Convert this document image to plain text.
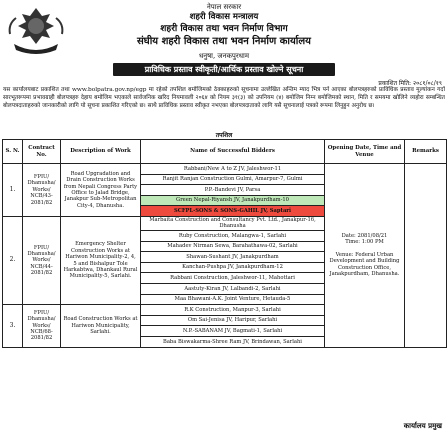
नेपाल सरकार
शहरी विकास मन्त्रालय
शहरी विकास तथा भवन निर्माण विभाग
संघीय शहरी विकास तथा भवन निर्माण कार्यालय
धनुषा, जनकपुरधाम
प्राविधिक प्रस्ताव स्वीकृती/आर्थिक प्रस्ताव खोल्ने सूचना
प्रकाशित मिति: २०८१/०८/१९
यस कार्यालयबाट प्रकाशित तथा www.bolpatra.gov.np/egp मा रहेको तपशिल बमोजिमको ठेक्काहरुको सूचनामा उल्लेखित अन्तिम म्याद भित्र पर्न आएका बोलपत्रहरुको प्राविधिक प्रस्ताव मूल्यांकन गर्दा सारभूतरूपमा प्रभावग्राही बोलपत्रहरु देहाय बमोजिम भएकाले सार्वजनिक खरिद नियमावली २०६४ को नियम ३१(३) को उपनियम (४) बमोजिम निम्न बमोजिमको स्थान, मिति र समयमा खोलिने व्यहोरा सम्बन्धित बोलपत्रदाताहरुको जानकारीको लागि यो सूचना प्रकाशित गरिएको छ। साथै प्राविधिक प्रस्ताव स्वीकृत नभएका बोलपत्रदाताको लागि यसै सूचनालाई पत्रको रूपमा लिनुहुन अनुरोध छ।
तपशिल
S. N.	Contract No.	Description of Work	Name of Successful Bidders	Opening Date, Time and Venue	Remarks
1.	FPIU/ Dhanusha/ Works/ NCB/43- 2081/82	Road Upgradation and Drain Construction Works from Nepali Congress Party Office to Jalad Bridge, Janakpur Sub-Metropolitan City-4, Dhanusha.	Rabbani/New A to Z JV, Jaleshwor-11	Date: 2081/08/21
Time: 1:00 PM
Venue: Federal Urban Development and Building Construction Office, Janakpurdham, Dhanusha.	

			Ranjit Ranjan Construction Gulmi, Amarpur-7, Gulmi		
			P.P.-Bandevi JV, Parsa		
			Green Nepal-Riyansh JV, Janakpurdham-10		
			SCFPL-SONS & SONS-GAHIL JV, Saptari		
2.	FPIU/ Dhanusha/ Works/ NCB/44- 2081/82	Emergency Shelter Construction Works at Hariwon Municipality-2, 4, 5 and Bishalpur Tole Harkabtwa, Dhankaul Rural Municipality-5, Sarlahi.	Marbaita Construction and Consultancy Pvt. Ltd., Janakpur-16, Dhanusha		
			Ruby Construction, Malangwa-1, Sarlahi		
			Mahadev Nirman Sewa, Barahathawa-02, Sarlahi		
			Shawan-Sushant JV, Janakpurdham		
			Kanchan-Pushpa JV, Janakpurdham-12		
			Rabbani Construction, Jaleshwor-11, Mahottari		
			Aastuty-Kiran JV, Lalbandi-2, Sarlahi		
			Maa Bhawani-A.K. Joint Venture, Hetauda-5		
3.	FPIU/ Dhanusha/ Works/ NCB/68- 2081/82	Road Construction Works at Hariwon Municipality, Sarlahi.	R.K Construction, Manpur-3, Sarlahi		
			Om Sai-Jenisa JV, Haripur, Sarlahi		
			N.P.-SABANAM JV, Bagmati-1, Sarlahi		
			Baba Biswakarma-Shree Ram JV, Brindawan, Sarlahi		
कार्यालय प्रमुख
